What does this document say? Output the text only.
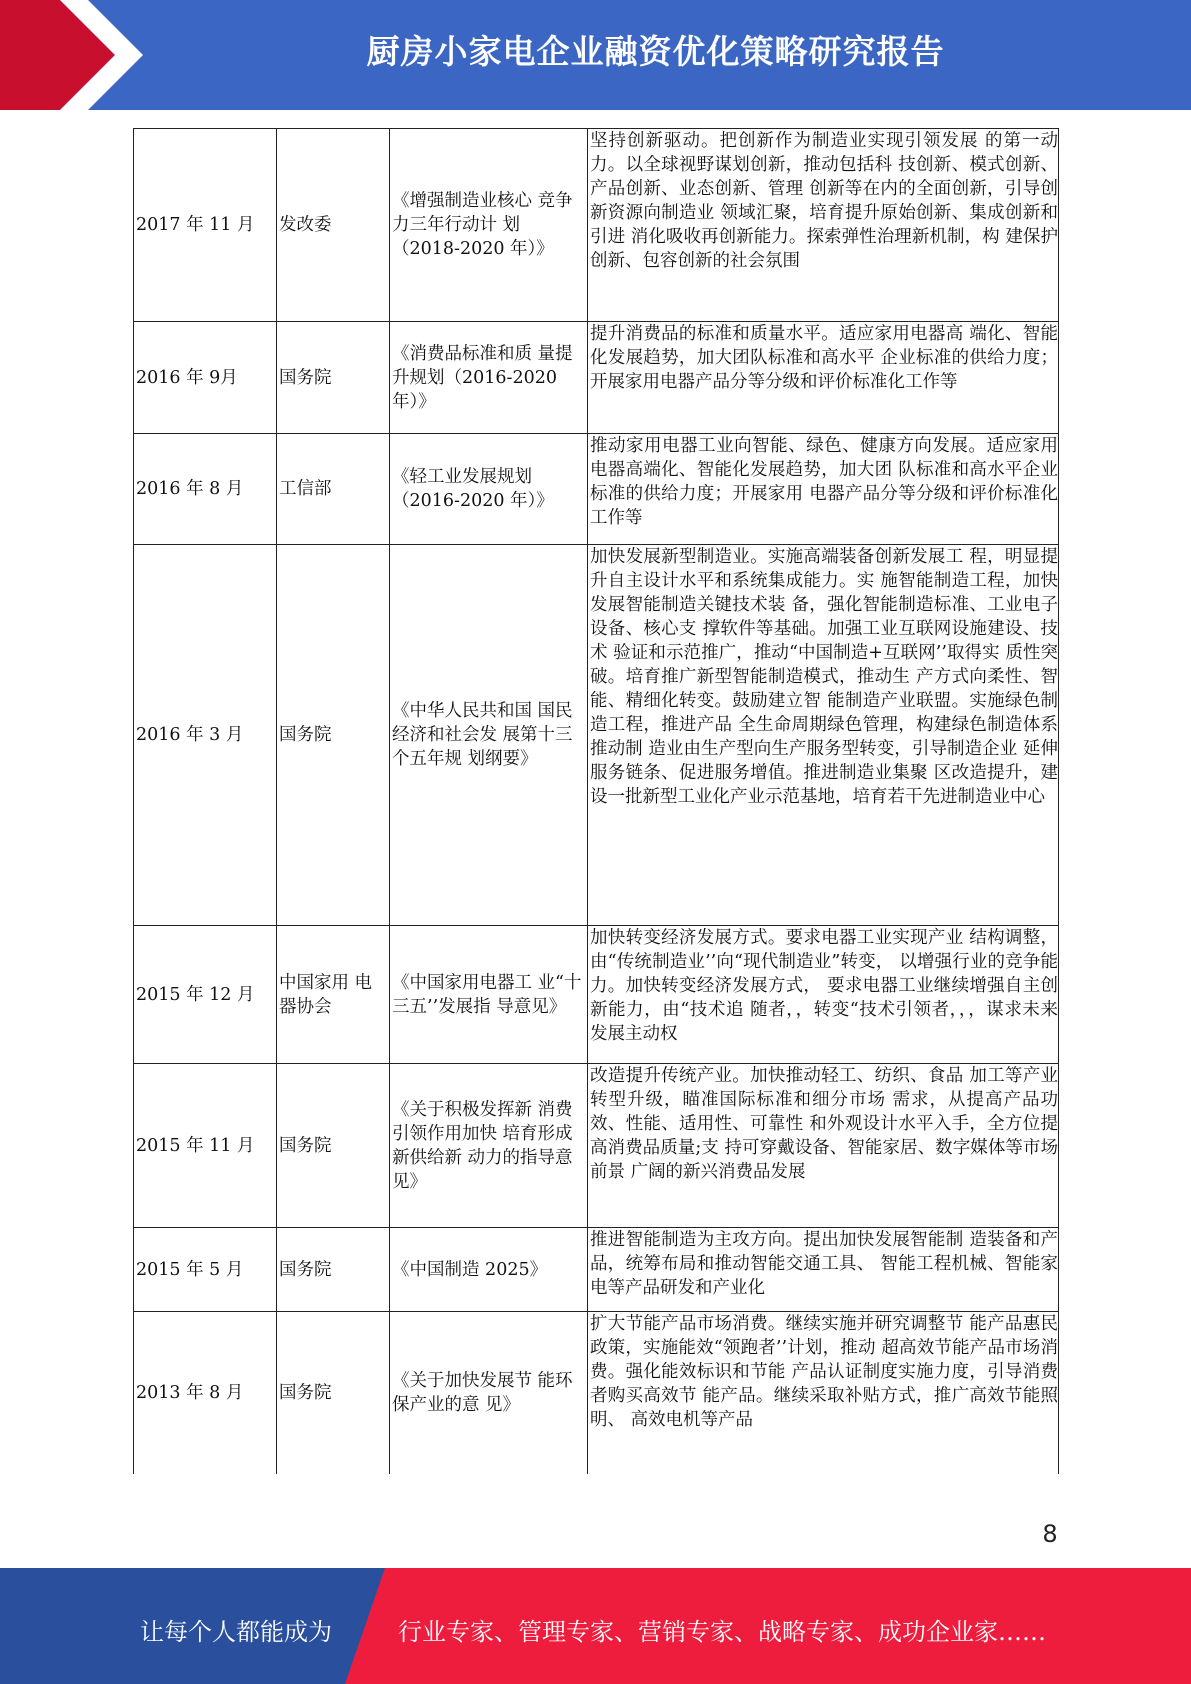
厨房小家电企业融资优化策略研究报告
2017 年 11 月	发改委	《增强制造业核心 竞争力三年行动计 划（2018-2020 年）》	坚持创新驱动。把创新作为制造业实现引领发展 的第一动力。以全球视野谋划创新，推动包括科 技创新、模式创新、产品创新、业态创新、管理 创新等在内的全面创新，引导创新资源向制造业 领域汇聚，培育提升原始创新、集成创新和引进 消化吸收再创新能力。探索弹性治理新机制，构 建保护创新、包容创新的社会氛围
2016 年 9月	国务院	《消费品标准和质 量提升规划（2016-2020 年）》	提升消费品的标准和质量水平。适应家用电器高 端化、智能化发展趋势，加大团队标准和高水平 企业标准的供给力度；开展家用电器产品分等分级和评价标准化工作等
2016 年 8 月	工信部	《轻工业发展规划（2016-2020 年）》	推动家用电器工业向智能、绿色、健康方向发展。适应家用电器高端化、智能化发展趋势，加大团 队标准和高水平企业标准的供给力度；开展家用 电器产品分等分级和评价标准化工作等
2016 年 3 月	国务院	《中华人民共和国 国民经济和社会发 展第十三个五年规 划纲要》	加快发展新型制造业。实施高端装备创新发展工 程，明显提升自主设计水平和系统集成能力。实 施智能制造工程，加快发展智能制造关键技术装 备，强化智能制造标准、工业电子设备、核心支 撑软件等基础。加强工业互联网设施建设、技术 验证和示范推广，推动“中国制造+互联网’’取得实 质性突破。培育推广新型智能制造模式，推动生 产方式向柔性、智能、精细化转变。鼓励建立智 能制造产业联盟。实施绿色制造工程，推进产品 全生命周期绿色管理，构建绿色制造体系推动制 造业由生产型向生产服务型转变，引导制造企业 延伸服务链条、促进服务增值。推进制造业集聚 区改造提升，建设一批新型工业化产业示范基地，培育若干先进制造业中心
2015 年 12 月	中国家用 电器协会	《中国家用电器工 业“十三五’’发展指 导意见》	加快转变经济发展方式。要求电器工业实现产业 结构调整，由“传统制造业’’向“现代制造业”转变， 以增强行业的竞争能力。加快转变经济发展方式， 要求电器工业继续增强自主创新能力，由“技术追 随者，，转变“技术引领者，，，谋求未来发展主动权
2015 年 11 月	国务院	《关于积极发挥新 消费引领作用加快 培育形成新供给新 动力的指导意见》	改造提升传统产业。加快推动轻工、纺织、食品 加工等产业转型升级，瞄准国际标准和细分市场 需求，从提高产品功效、性能、适用性、可靠性 和外观设计水平入手，全方位提高消费品质量;支 持可穿戴设备、智能家居、数字媒体等市场前景 广阔的新兴消费品发展
2015 年 5 月	国务院	《中国制造 2025》	推进智能制造为主攻方向。提出加快发展智能制 造装备和产品，统筹布局和推动智能交通工具、 智能工程机械、智能家电等产品研发和产业化
2013 年 8 月	国务院	《关于加快发展节 能环保产业的意 见》	扩大节能产品市场消费。继续实施并研究调整节 能产品惠民政策，实施能效“领跑者’’计划，推动 超高效节能产品市场消费。强化能效标识和节能 产品认证制度实施力度，引导消费者购买高效节 能产品。继续采取补贴方式，推广高效节能照明、 高效电机等产品
8
让每个人都能成为	行业专家、管理专家、营销专家、战略专家、成功企业家……
